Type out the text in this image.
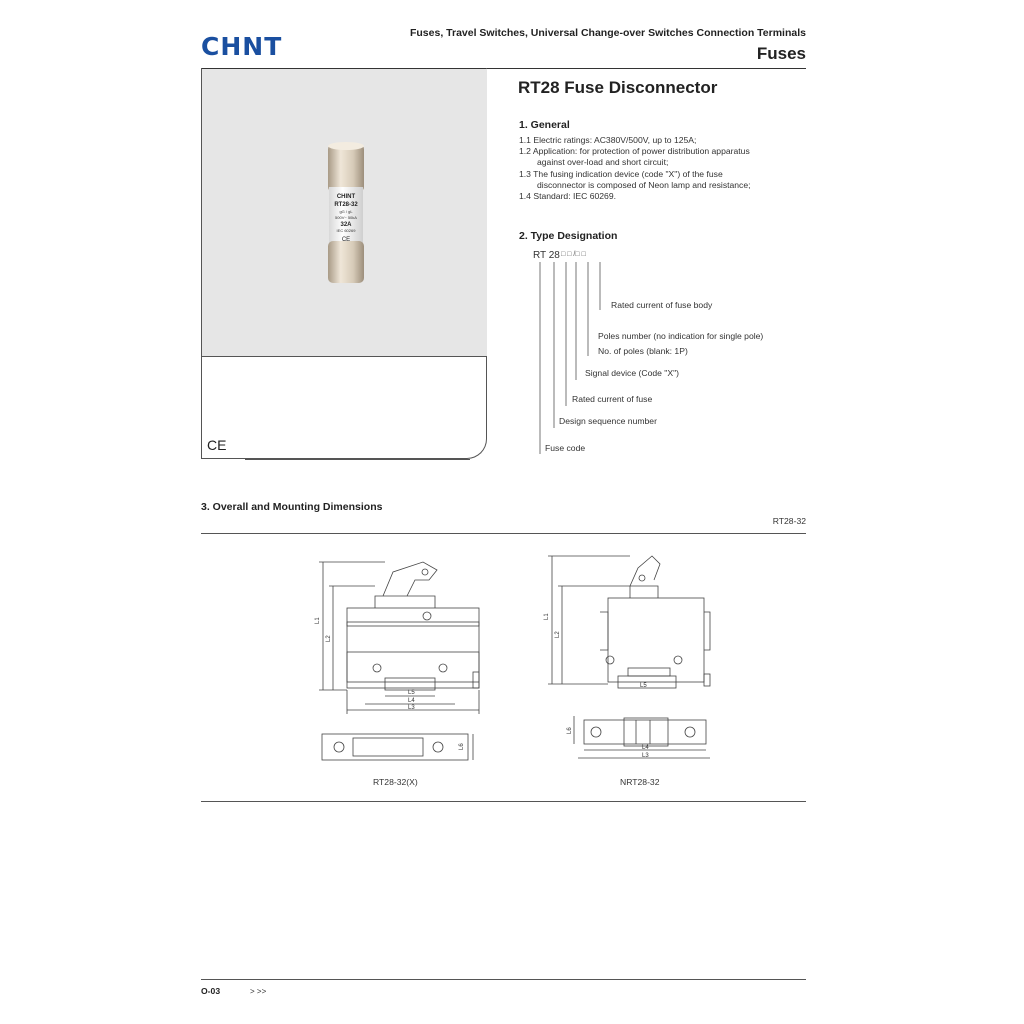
CHNT	Fuses, Travel Switches, Universal Change-over Switches Connection Terminals
Fuses
CHINT
RT28-32
gG / gL
500V~ 50kA
32A
IEC 60269
CE
CE
RT28 Fuse Disconnector
1. General
1.1 Electric ratings: AC380V/500V, up to 125A;
1.2 Application: for protection of power distribution apparatus
against over-load and short circuit;
1.3 The fusing indication device (code "X") of the fuse
disconnector is composed of Neon lamp and resistance;
1.4 Standard: IEC 60269.
2. Type Designation
RT 28 □ □ /□ □
Rated current of fuse body
Poles number (no indication for single pole)
No. of poles (blank: 1P)
Signal device (Code "X")
Rated current of fuse
Design sequence number
Fuse code
3. Overall and Mounting Dimensions
RT28-32
L1
L2
L5
L4
L3
L6
RT28-32(X)
L1
L2
L5
L6
L4
L3
NRT28-32
O-03	> >>
